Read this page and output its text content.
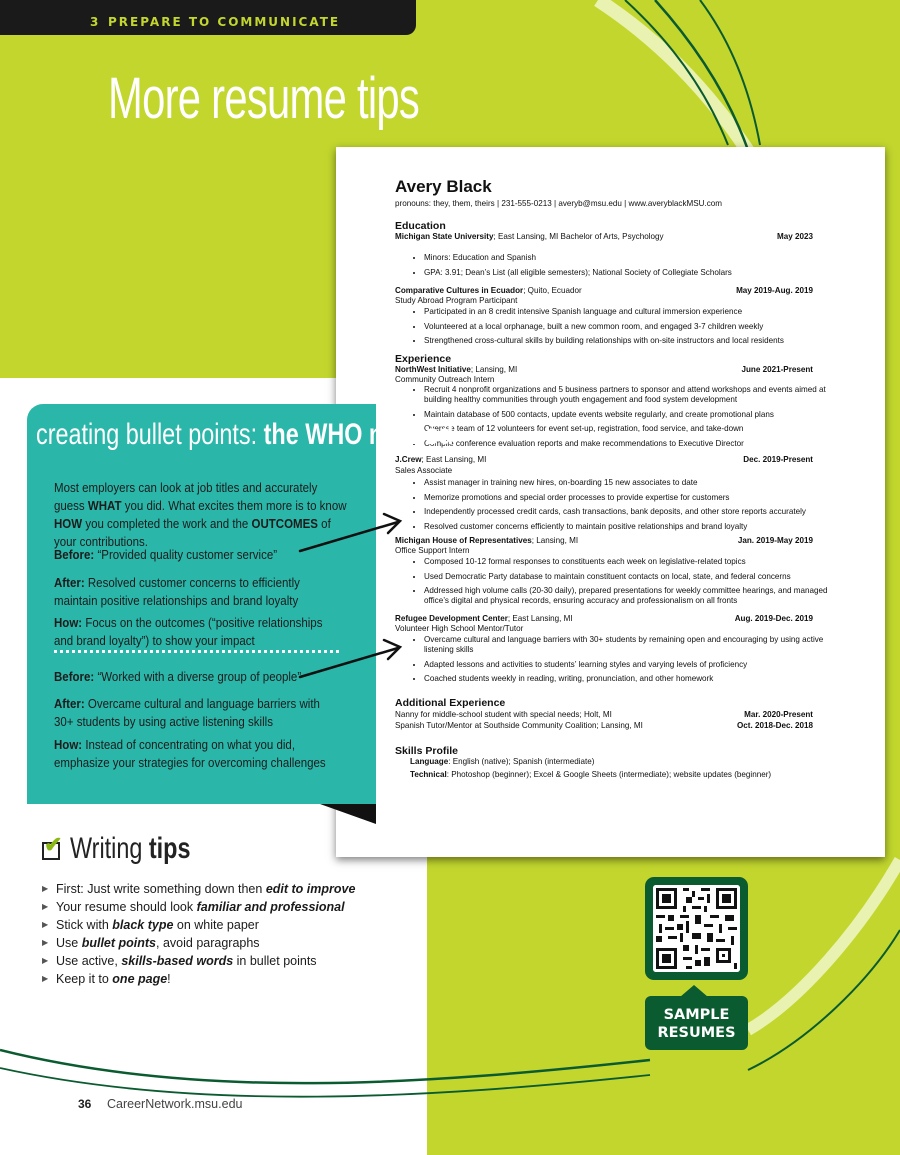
3 PREPARE TO COMMUNICATE
More resume tips
Avery Black
pronouns: they, them, theirs | 231-555-0213 | averyb@msu.edu | www.averyblackMSU.com
Education
Michigan State University; East Lansing, MI Bachelor of Arts, Psychology	May 2023
• Minors: Education and Spanish
• GPA: 3.91; Dean’s List (all eligible semesters); National Society of Collegiate Scholars
Comparative Cultures in Ecuador; Quito, Ecuador	May 2019-Aug. 2019
Study Abroad Program Participant
• Participated in an 8 credit intensive Spanish language and cultural immersion experience
• Volunteered at a local orphanage, built a new common room, and engaged 3-7 children weekly
• Strengthened cross-cultural skills by building relationships with on-site instructors and local residents
Experience
NorthWest Initiative; Lansing, MI	June 2021-Present
Community Outreach Intern
• Recruit 4 nonprofit organizations and 5 business partners to sponsor and attend workshops and events aimed at building healthy communities through youth engagement and food system development
• Maintain database of 500 contacts, update events website regularly, and create promotional plans
• Oversee team of 12 volunteers for event set-up, registration, food service, and take-down
• Compile conference evaluation reports and make recommendations to Executive Director
J.Crew; East Lansing, MI	Dec. 2019-Present
Sales Associate
• Assist manager in training new hires, on-boarding 15 new associates to date
• Memorize promotions and special order processes to provide expertise for customers
• Independently processed credit cards, cash transactions, bank deposits, and other store reports accurately
• Resolved customer concerns efficiently to maintain positive relationships and brand loyalty
Michigan House of Representatives; Lansing, MI	Jan. 2019-May 2019
Office Support Intern
• Composed 10-12 formal responses to constituents each week on legislative-related topics
• Used Democratic Party database to maintain constituent contacts on local, state, and federal concerns
• Addressed high volume calls (20-30 daily), prepared presentations for weekly committee hearings, and managed office’s digital and physical records, ensuring accuracy and professionalism on all fronts
Refugee Development Center; East Lansing, MI	Aug. 2019-Dec. 2019
Volunteer High School Mentor/Tutor
• Overcame cultural and language barriers with 30+ students by remaining open and encouraging by using active listening skills
• Adapted lessons and activities to students’ learning styles and varying levels of proficiency
• Coached students weekly in reading, writing, pronunciation, and other homework
Additional Experience
Nanny for middle-school student with special needs; Holt, MI	Mar. 2020-Present
Spanish Tutor/Mentor at Southside Community Coalition; Lansing, MI	Oct. 2018-Dec. 2018
Skills Profile
Language: English (native); Spanish (intermediate)
Technical: Photoshop (beginner); Excel & Google Sheets (intermediate); website updates (beginner)
creating bullet points: the WHO method
Most employers can look at job titles and accurately guess WHAT you did. What excites them more is to know HOW you completed the work and the OUTCOMES of your contributions.
Before: “Provided quality customer service”
After: Resolved customer concerns to efficiently maintain positive relationships and brand loyalty
How: Focus on the outcomes (“positive relationships and brand loyalty”) to show your impact
Before: “Worked with a diverse group of people”
After: Overcame cultural and language barriers with 30+ students by using active listening skills
How: Instead of concentrating on what you did, emphasize your strategies for overcoming challenges
✔ Writing tips
▶ First: Just write something down then edit to improve
▶ Your resume should look familiar and professional
▶ Stick with black type on white paper
▶ Use bullet points, avoid paragraphs
▶ Use active, skills-based words in bullet points
▶ Keep it to one page!
SAMPLE
RESUMES
36 CareerNetwork.msu.edu
